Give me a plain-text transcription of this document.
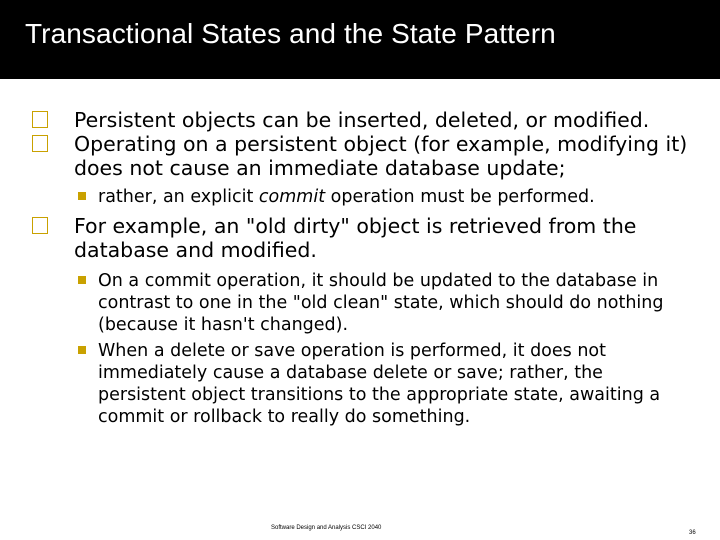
Transactional States and the State Pattern
Persistent objects can be inserted, deleted, or modified.
Operating on a persistent object (for example, modifying it) does not cause an immediate database update;
rather, an explicit commit operation must be performed.
For example, an "old dirty" object is retrieved from the database and modified.
On a commit operation, it should be updated to the database in contrast to one in the "old clean" state, which should do nothing (because it hasn't changed).
When a delete or save operation is performed, it does not immediately cause a database delete or save; rather, the persistent object transitions to the appropriate state, awaiting a commit or rollback to really do something.
Software Design and Analysis CSCI 2040
36
